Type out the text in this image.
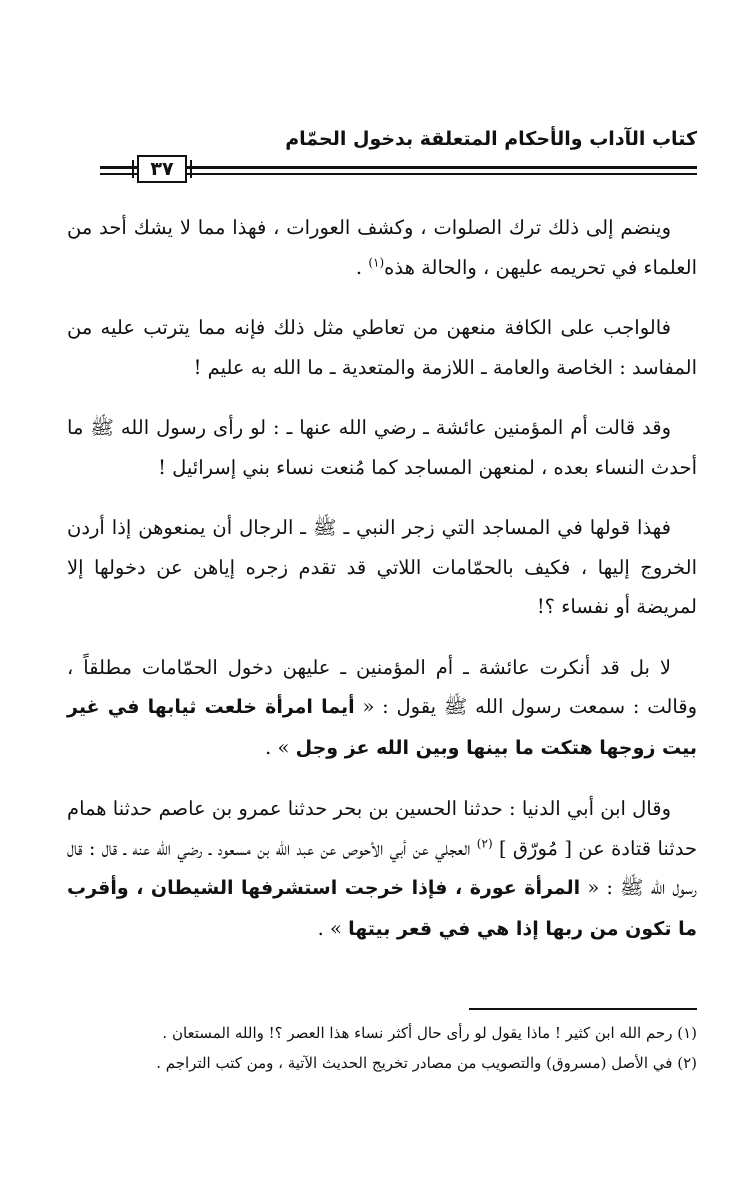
كتاب الآداب والأحكام المتعلقة بدخول الحمّام
٣٧

وينضم إلى ذلك ترك الصلوات ، وكشف العورات ، فهذا مما لا يشك أحد من العلماء في تحريمه عليهن ، والحالة هذه$^{(١)}$ .

فالواجب على الكافة منعهن من تعاطي مثل ذلك فإنه مما يترتب عليه من المفاسد : الخاصة والعامة ـ اللازمة والمتعدية ـ ما الله به عليم !

وقد قالت أم المؤمنين عائشة ـ رضي الله عنها ـ : لو رأى رسول الله ﷺ ما أحدث النساء بعده ، لمنعهن المساجد كما مُنعت نساء بني إسرائيل !

فهذا قولها في المساجد التي زجر النبي ـ ﷺ ـ الرجال أن يمنعوهن إذا أردن الخروج إليها ، فكيف بالحمّامات اللاتي قد تقدم زجره إياهن عن دخولها إلا لمريضة أو نفساء ؟!

لا بل قد أنكرت عائشة ـ أم المؤمنين ـ عليهن دخول الحمّامات مطلقاً ، وقالت : سمعت رسول الله ﷺ يقول : « أيما امرأة خلعت ثيابها في غير بيت زوجها هتكت ما بينها وبين الله عز وجل » .

وقال ابن أبي الدنيا : حدثنا الحسين بن بحر حدثنا عمرو بن عاصم حدثنا همام حدثنا قتادة عن [ مُورّق ] $^{(٢)}$ العجلي عن أبي الأحوص عن عبد الله بن مسعود ـ رضي الله عنه ـ قال : قال رسول الله ﷺ : « المرأة عورة ، فإذا خرجت استشرفها الشيطان ، وأقرب ما تكون من ربها إذا هي في قعر بيتها » .

(١) رحم الله ابن كثير ! ماذا يقول لو رأى حال أكثر نساء هذا العصر ؟! والله المستعان .

(٢) في الأصل (مسروق) والتصويب من مصادر تخريج الحديث الآتية ، ومن كتب التراجم .
